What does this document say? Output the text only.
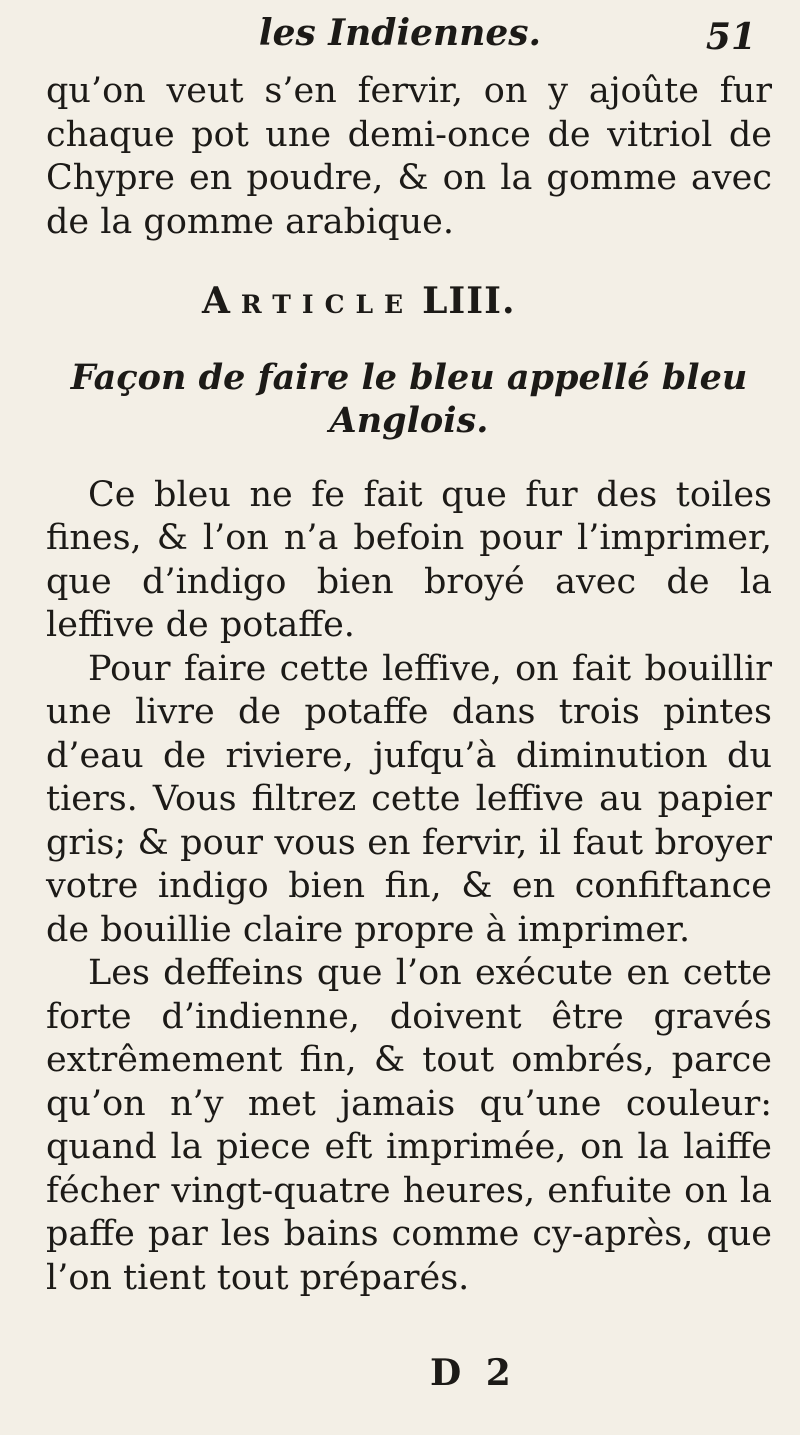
les Indiennes.	51

qu’on veut s’en fervir, on y ajoûte fur chaque pot une demi-once de vitriol de Chypre en poudre, & on la gomme avec de la gomme arabique.

Article LIII.

Façon de faire le bleu appellé bleu
Anglois.

Ce bleu ne fe fait que fur des toiles fines, & l’on n’a befoin pour l’imprimer, que d’indigo bien broyé avec de la leffive de potaffe.

Pour faire cette leffive, on fait bouillir une livre de potaffe dans trois pintes d’eau de riviere, jufqu’à diminution du tiers. Vous filtrez cette leffive au papier gris; & pour vous en fervir, il faut broyer votre indigo bien fin, & en confiftance de bouillie claire propre à imprimer.

Les deffeins que l’on exécute en cette forte d’indienne, doivent être gravés extrêmement fin, & tout ombrés, parce qu’on n’y met jamais qu’une couleur: quand la piece eft imprimée, on la laiffe fécher vingt-quatre heures, enfuite on la paffe par les bains comme cy-après, que l’on tient tout préparés.

D 2
